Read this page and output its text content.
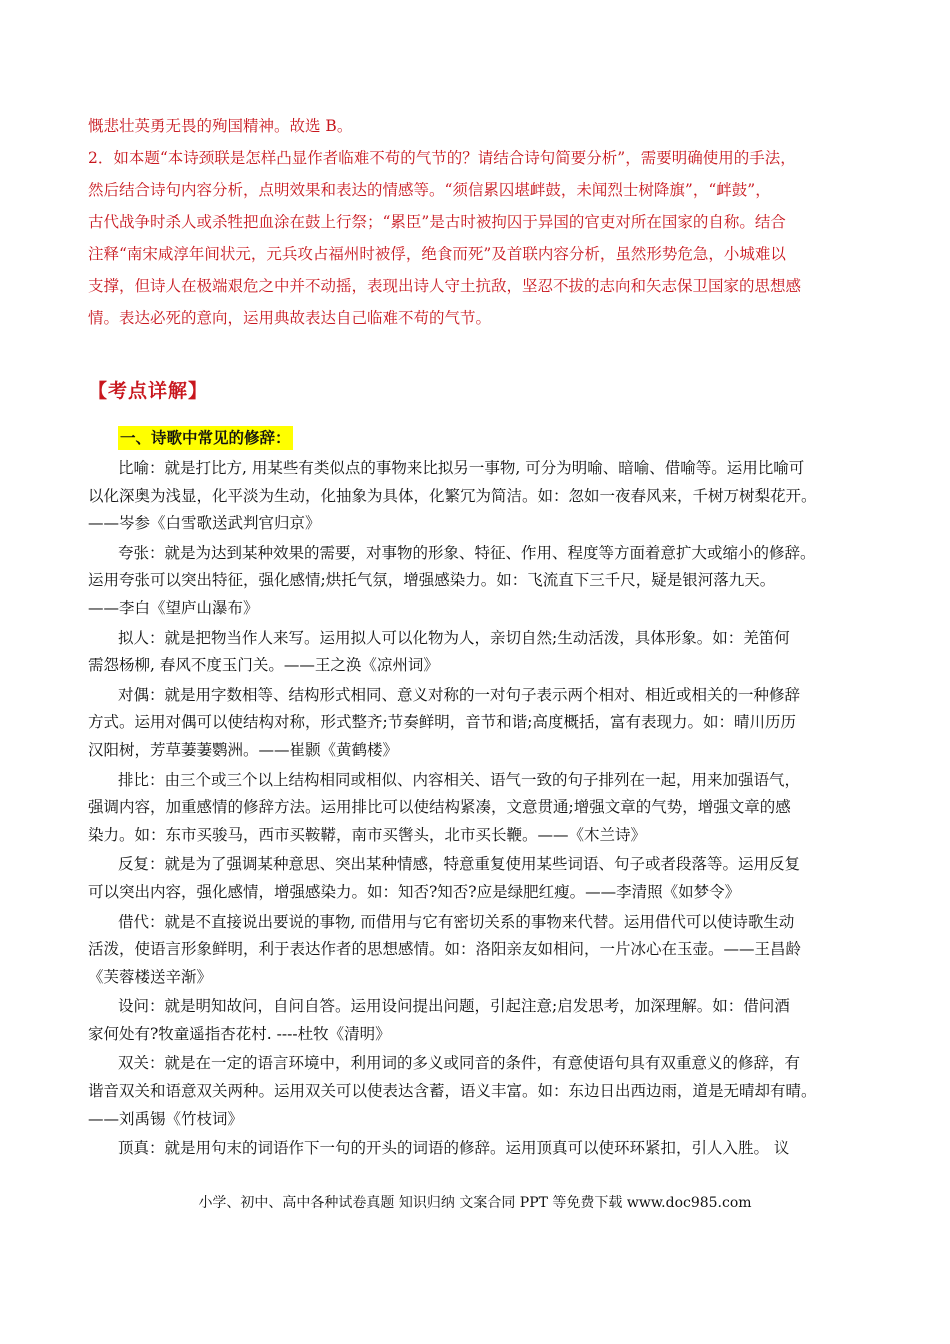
慨悲壮英勇无畏的殉国精神。故选 B。

2．如本题“本诗颈联是怎样凸显作者临难不苟的气节的？请结合诗句简要分析”，需要明确使用的手法，

然后结合诗句内容分析，点明效果和表达的情感等。“须信累囚堪衅鼓，未闻烈士树降旗”，“衅鼓”，

古代战争时杀人或杀牲把血涂在鼓上行祭；“累臣”是古时被拘囚于异国的官吏对所在国家的自称。结合

注释“南宋咸淳年间状元，元兵攻占福州时被俘，绝食而死”及首联内容分析，虽然形势危急，小城难以

支撑，但诗人在极端艰危之中并不动摇，表现出诗人守土抗敌，坚忍不拔的志向和矢志保卫国家的思想感

情。表达必死的意向，运用典故表达自己临难不苟的气节。

【考点详解】
一、诗歌中常见的修辞：
比喻：就是打比方, 用某些有类似点的事物来比拟另一事物, 可分为明喻、暗喻、借喻等。运用比喻可
以化深奥为浅显，化平淡为生动，化抽象为具体，化繁冗为简洁。如：忽如一夜春风来，千树万树梨花开。
——岑参《白雪歌送武判官归京》
夸张：就是为达到某种效果的需要，对事物的形象、特征、作用、程度等方面着意扩大或缩小的修辞。
运用夸张可以突出特征，强化感情;烘托气氛，增强感染力。如：飞流直下三千尺，疑是银河落九天。
——李白《望庐山瀑布》
拟人：就是把物当作人来写。运用拟人可以化物为人，亲切自然;生动活泼，具体形象。如：羌笛何
需怨杨柳, 春风不度玉门关。——王之涣《凉州词》
对偶：就是用字数相等、结构形式相同、意义对称的一对句子表示两个相对、相近或相关的一种修辞
方式。运用对偶可以使结构对称，形式整齐;节奏鲜明，音节和谐;高度概括，富有表现力。如：晴川历历
汉阳树，芳草萋萋鹦洲。——崔颢《黄鹤楼》
排比：由三个或三个以上结构相同或相似、内容相关、语气一致的句子排列在一起，用来加强语气，
强调内容，加重感情的修辞方法。运用排比可以使结构紧凑，文意贯通;增强文章的气势，增强文章的感
染力。如：东市买骏马，西市买鞍鞯，南市买辔头，北市买长鞭。——《木兰诗》
反复：就是为了强调某种意思、突出某种情感，特意重复使用某些词语、句子或者段落等。运用反复
可以突出内容，强化感情，增强感染力。如：知否?知否?应是绿肥红瘦。——李清照《如梦令》
借代：就是不直接说出要说的事物, 而借用与它有密切关系的事物来代替。运用借代可以使诗歌生动
活泼，使语言形象鲜明，利于表达作者的思想感情。如：洛阳亲友如相问，一片冰心在玉壶。——王昌龄
《芙蓉楼送辛渐》
设问：就是明知故问，自问自答。运用设问提出问题，引起注意;启发思考，加深理解。如：借问酒
家何处有?牧童遥指杏花村. ----杜牧《清明》
双关：就是在一定的语言环境中，利用词的多义或同音的条件，有意使语句具有双重意义的修辞，有
谐音双关和语意双关两种。运用双关可以使表达含蓄，语义丰富。如：东边日出西边雨，道是无晴却有晴。
——刘禹锡《竹枝词》
顶真：就是用句末的词语作下一句的开头的词语的修辞。运用顶真可以使环环紧扣，引人入胜。 议
小学、初中、高中各种试卷真题 知识归纳 文案合同 PPT 等免费下载 www.doc985.com
